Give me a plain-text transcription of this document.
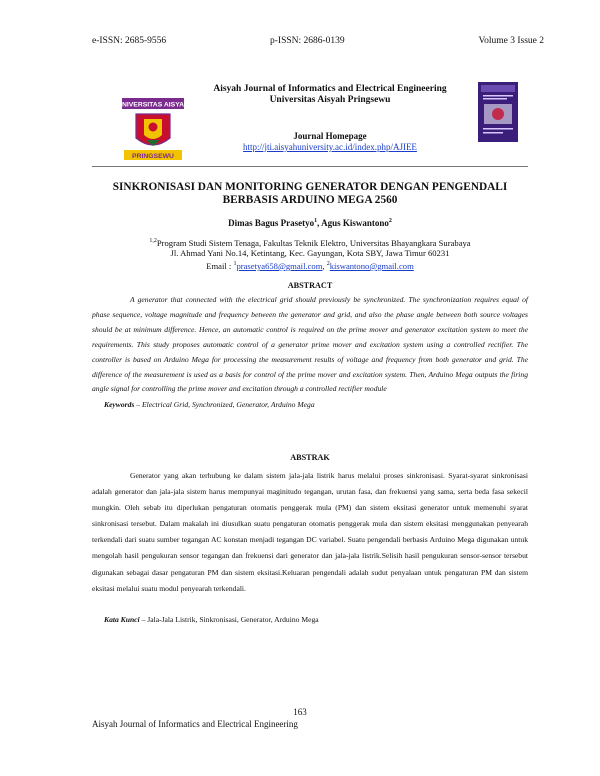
e-ISSN: 2685-9556	p-ISSN: 2686-0139	Volume 3 Issue 2
UNIVERSITAS AISYAH
PRINGSEWU
Aisyah Journal of Informatics and Electrical Engineering
Universitas Aisyah Pringsewu
Journal Homepage
http://jti.aisyahuniversity.ac.id/index.php/AJIEE
SINKRONISASI DAN MONITORING GENERATOR DENGAN PENGENDALI
BERBASIS ARDUINO MEGA 2560
Dimas Bagus Prasetyo$^1$, Agus Kiswantono$^2$
$^{1,2}$Program Studi Sistem Tenaga, Fakultas Teknik Elektro, Universitas Bhayangkara Surabaya
Jl. Ahmad Yani No.14, Ketintang, Kec. Gayungan, Kota SBY, Jawa Timur 60231
Email : $^1$prasetya658@gmail.com, $^2$kiswantono@gmail.com
ABSTRACT
A generator that connected with the electrical grid should previously be synchronized. The synchronization requires equal of phase sequence, voltage magnitude and frequency between the generator and grid, and also the phase angle between both source voltages should be at minimum difference. Hence, an automatic control is required on the prime mover and generator excitation system to meet the requirements. This study proposes automatic control of a generator prime mover and excitation system using a controlled rectifier. The controller is based on Arduino Mega for processing the measurement results of voltage and frequency from both generator and grid. The difference of the measurement is used as a basis for control of the prime mover and excitation system. Then, Arduino Mega outputs the firing angle signal for controlling the prime mover and excitation through a controlled rectifier module
Keywords – Electrical Grid, Synchronized, Generator, Arduino Mega
ABSTRAK
Generator yang akan terhubung ke dalam sistem jala-jala listrik harus melalui proses sinkronisasi. Syarat-syarat sinkronisasi adalah generator dan jala-jala sistem harus mempunyai maginitudo tegangan, urutan fasa, dan frekuensi yang sama, serta beda fasa sekecil mungkin. Oleh sebab itu diperlukan pengaturan otomatis penggerak mula (PM) dan sistem eksitasi generator untuk memenuhi syarat sinkronisasi tersebut. Dalam makalah ini diusulkan suatu pengaturan otomatis penggerak mula dan sistem eksitasi menggunakan penyearah terkendali dari suatu sumber tegangan AC konstan menjadi tegangan DC variabel. Suatu pengendali berbasis Arduino Mega digunakan untuk mengolah hasil pengukuran sensor tegangan dan frekuensi dari generator dan jala-jala listrik.Selisih hasil pengukuran sensor-sensor tersebut digunakan sebagai dasar pengaturan PM dan sistem eksitasi.Keluaran pengendali adalah sudut penyalaan untuk pengaturan PM dan sistem eksitasi melalui suatu modul penyearah terkendali.
Kata Kunci – Jala-Jala Listrik, Sinkronisasi, Generator, Arduino Mega
163
Aisyah Journal of Informatics and Electrical Engineering
